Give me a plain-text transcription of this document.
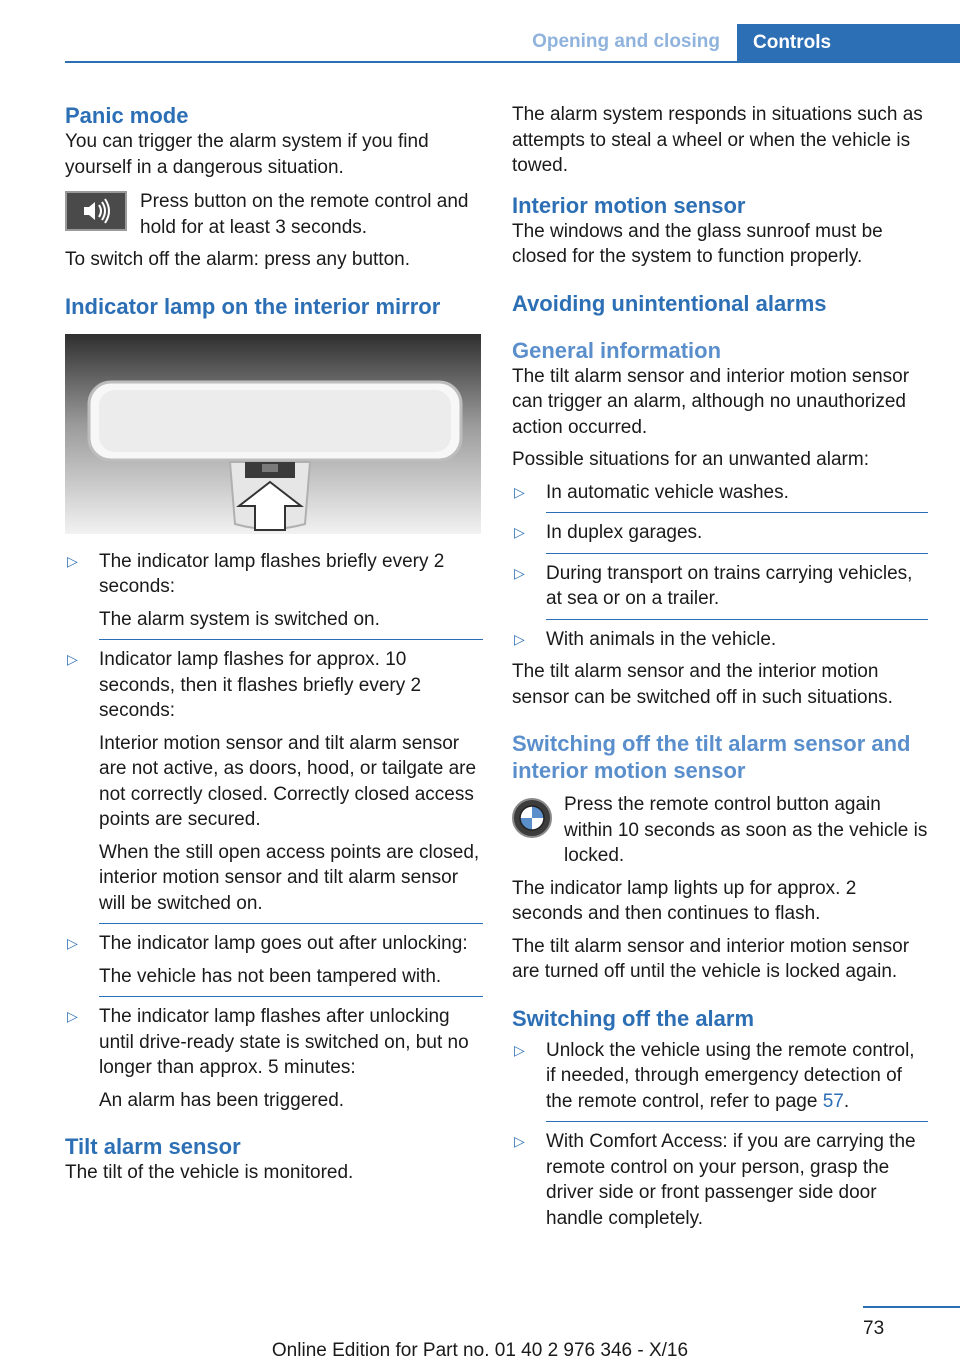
Opening and closing Controls
Panic mode

You can trigger the alarm system if you find yourself in a dangerous situation.

Press button on the remote control and hold for at least 3 seconds.

To switch off the alarm: press any button.

Indicator lamp on the interior mirror
▷ The indicator lamp flashes briefly every 2 seconds:

The alarm system is switched on.

▷ Indicator lamp flashes for approx. 10 seconds, then it flashes briefly every 2 seconds:

Interior motion sensor and tilt alarm sensor are not active, as doors, hood, or tailgate are not correctly closed. Correctly closed access points are secured.

When the still open access points are closed, interior motion sensor and tilt alarm sensor will be switched on.

▷ The indicator lamp goes out after unlocking:

The vehicle has not been tampered with.

▷ The indicator lamp flashes after unlocking until drive-ready state is switched on, but no longer than approx. 5 minutes:

An alarm has been triggered.

Tilt alarm sensor

The tilt of the vehicle is monitored.

The alarm system responds in situations such as attempts to steal a wheel or when the vehicle is towed.

Interior motion sensor

The windows and the glass sunroof must be closed for the system to function properly.

Avoiding unintentional alarms
General information

The tilt alarm sensor and interior motion sensor can trigger an alarm, although no unauthorized action occurred.

Possible situations for an unwanted alarm:

▷ In automatic vehicle washes.

▷ In duplex garages.

▷ During transport on trains carrying vehicles, at sea or on a trailer.

▷ With animals in the vehicle.

The tilt alarm sensor and the interior motion sensor can be switched off in such situations.

Switching off the tilt alarm sensor and interior motion sensor

Press the remote control button again within 10 seconds as soon as the vehicle is locked.

The indicator lamp lights up for approx. 2 seconds and then continues to flash.

The tilt alarm sensor and interior motion sensor are turned off until the vehicle is locked again.

Switching off the alarm
▷ Unlock the vehicle using the remote control, if needed, through emergency detection of the remote control, refer to page 57.

▷ With Comfort Access: if you are carrying the remote control on your person, grasp the driver side or front passenger side door handle completely.

73
Online Edition for Part no. 01 40 2 976 346 - X/16
